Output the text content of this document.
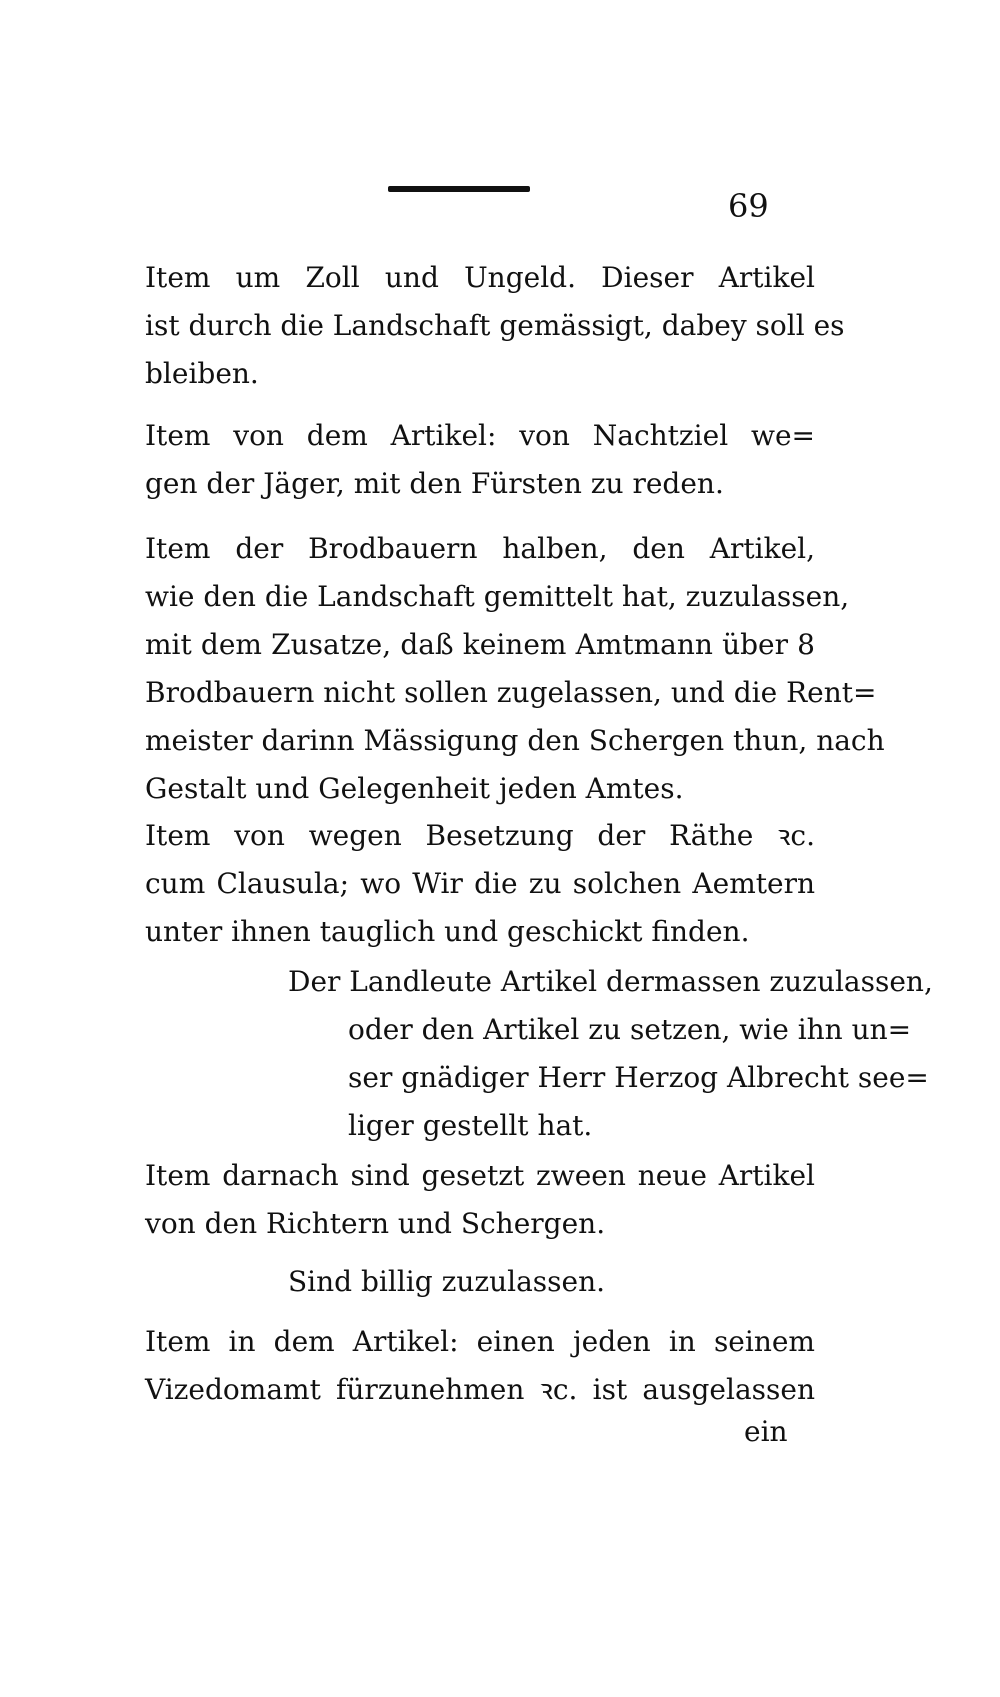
69

Item um Zoll und Ungeld. Dieser Artikel
ist durch die Landschaft gemässigt, dabey soll es
bleiben.

Item von dem Artikel: von Nachtziel we=
gen der Jäger, mit den Fürsten zu reden.

Item der Brodbauern halben, den Artikel,
wie den die Landschaft gemittelt hat, zuzulassen,
mit dem Zusatze, daß keinem Amtmann über 8
Brodbauern nicht sollen zugelassen, und die Rent=
meister darinn Mässigung den Schergen thun, nach
Gestalt und Gelegenheit jeden Amtes.

Item von wegen Besetzung der Räthe ꝛc.
cum Clausula; wo Wir die zu solchen Aemtern
unter ihnen tauglich und geschickt finden.

Der Landleute Artikel dermassen zuzulassen,
oder den Artikel zu setzen, wie ihn un=
ser gnädiger Herr Herzog Albrecht see=
liger gestellt hat.

Item darnach sind gesetzt zween neue Artikel
von den Richtern und Schergen.

Sind billig zuzulassen.

Item in dem Artikel: einen jeden in seinem
Vizedomamt fürzunehmen ꝛc. ist ausgelassen

ein
